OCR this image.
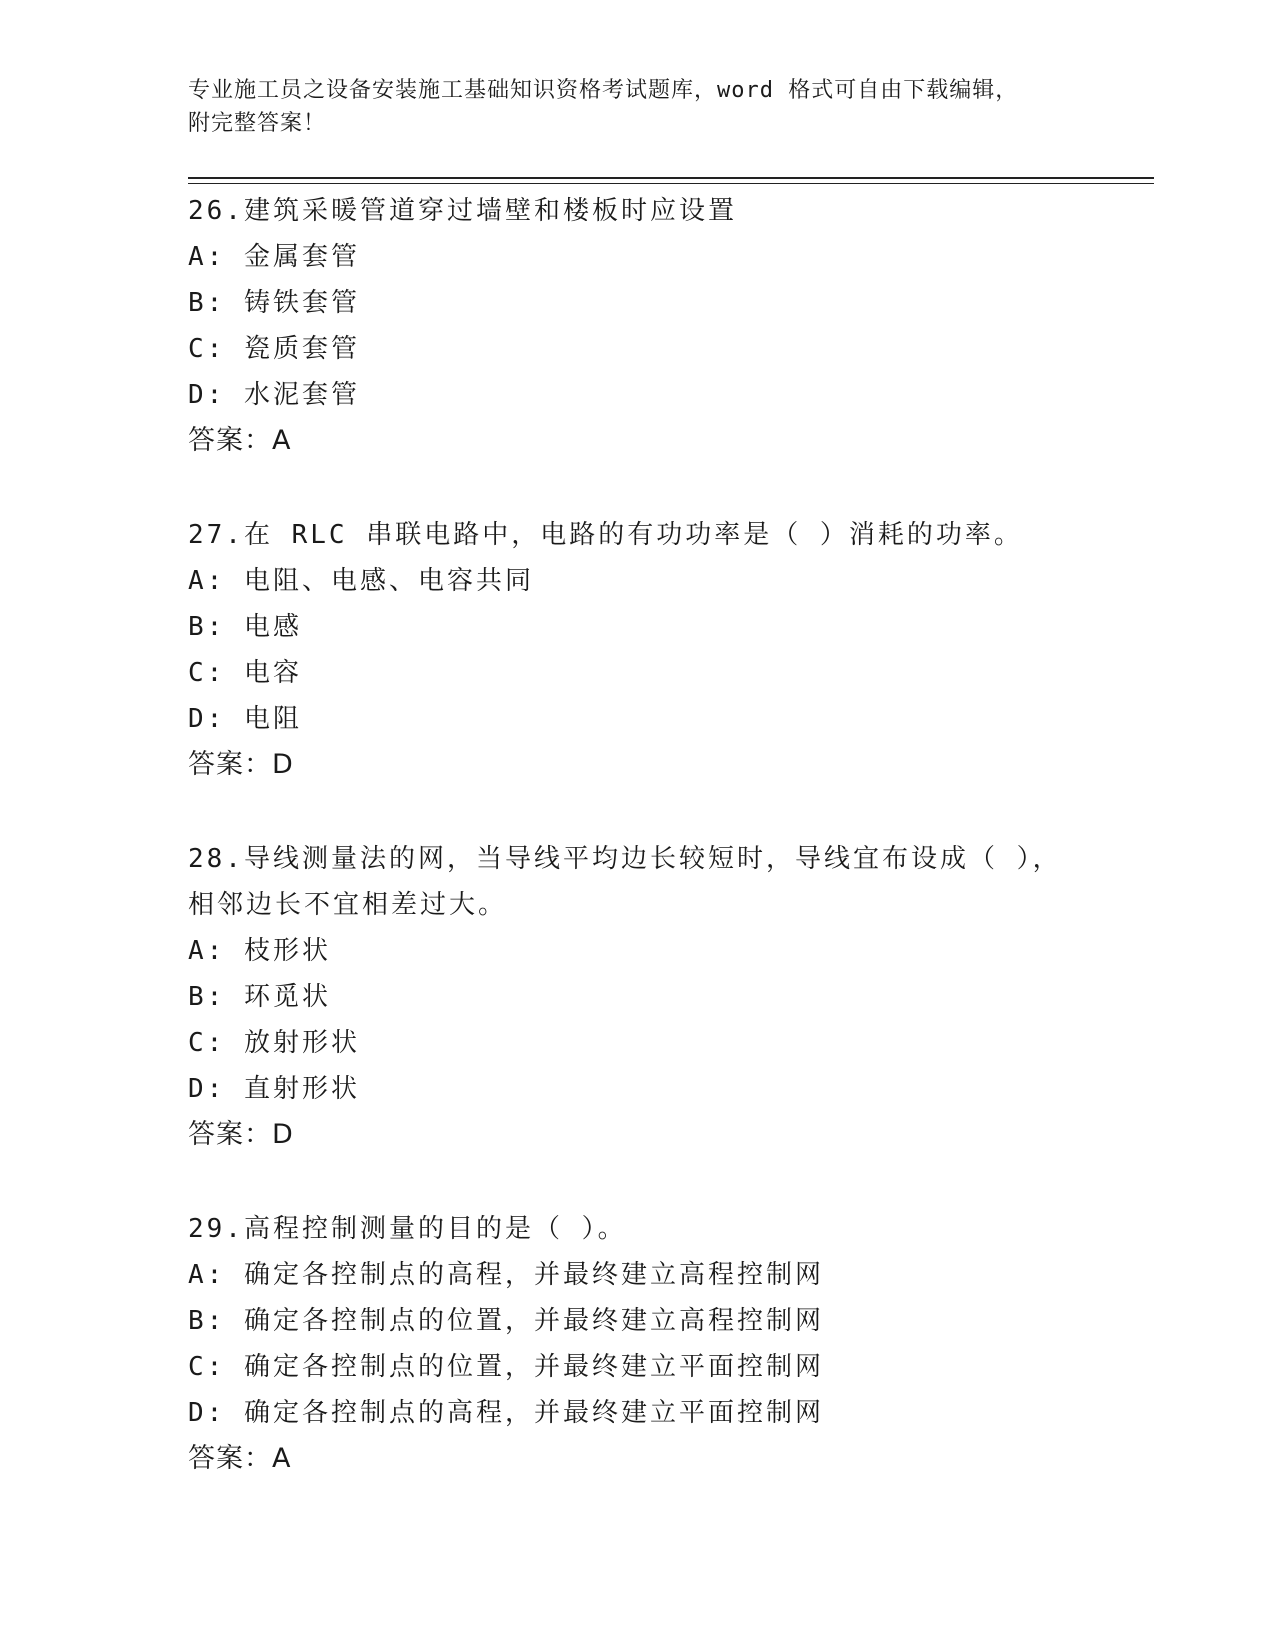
专业施工员之设备安装施工基础知识资格考试题库，word 格式可自由下载编辑，
附完整答案！
26.建筑采暖管道穿过墙壁和楼板时应设置
A: 金属套管
B: 铸铁套管
C: 瓷质套管
D: 水泥套管
答案：A
27.在 RLC 串联电路中，电路的有功功率是（ ）消耗的功率。
A: 电阻、电感、电容共同
B: 电感
C: 电容
D: 电阻
答案：D
28.导线测量法的网，当导线平均边长较短时，导线宜布设成（ ），
相邻边长不宜相差过大。
A: 枝形状
B: 环觅状
C: 放射形状
D: 直射形状
答案：D
29.高程控制测量的目的是（ ）。
A: 确定各控制点的高程，并最终建立高程控制网
B: 确定各控制点的位置，并最终建立高程控制网
C: 确定各控制点的位置，并最终建立平面控制网
D: 确定各控制点的高程，并最终建立平面控制网
答案：A
